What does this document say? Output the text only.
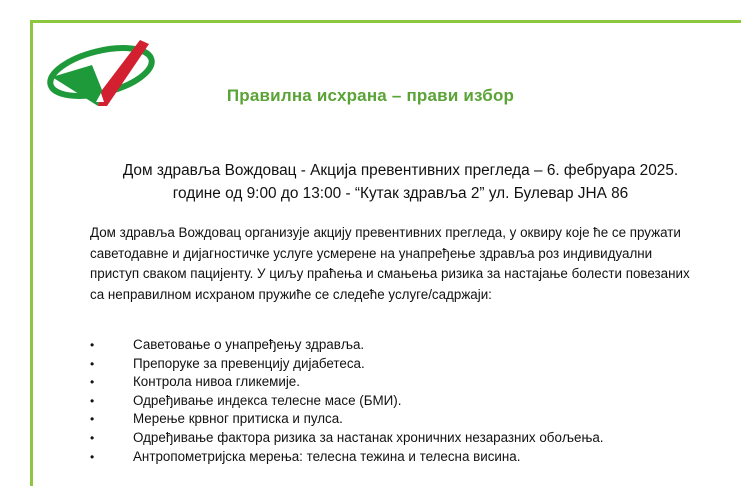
Правилна исхрана – прави избор
Дом здравља Вождовац - Акција превентивних прегледа – 6. фебруара 2025.
године од 9:00 до 13:00 - “Кутак здравља 2” ул. Булевар ЈНА 86
Дом здравља Вождовац организује акцију превентивних прегледа, у оквиру које ће се пружати саветодавне и дијагностичке услуге усмерене на унапређење здравља роз индивидуални приступ сваком пацијенту. У циљу праћења и смањења ризика за настајање болести повезаних са неправилном исхраном пружиће се следеће услуге/садржаји:
•	Саветовање о унапређењу здравља.
•	Препоруке за превенцију дијабетеса.
•	Контрола нивоа гликемије.
•	Одређивање индекса телесне масе (БМИ).
•	Мерење крвног притиска и пулса.
•	Одређивање фактора ризика за настанак хроничних незаразних обољења.
•	Антропометријска мерења: телесна тежина и телесна висина.
